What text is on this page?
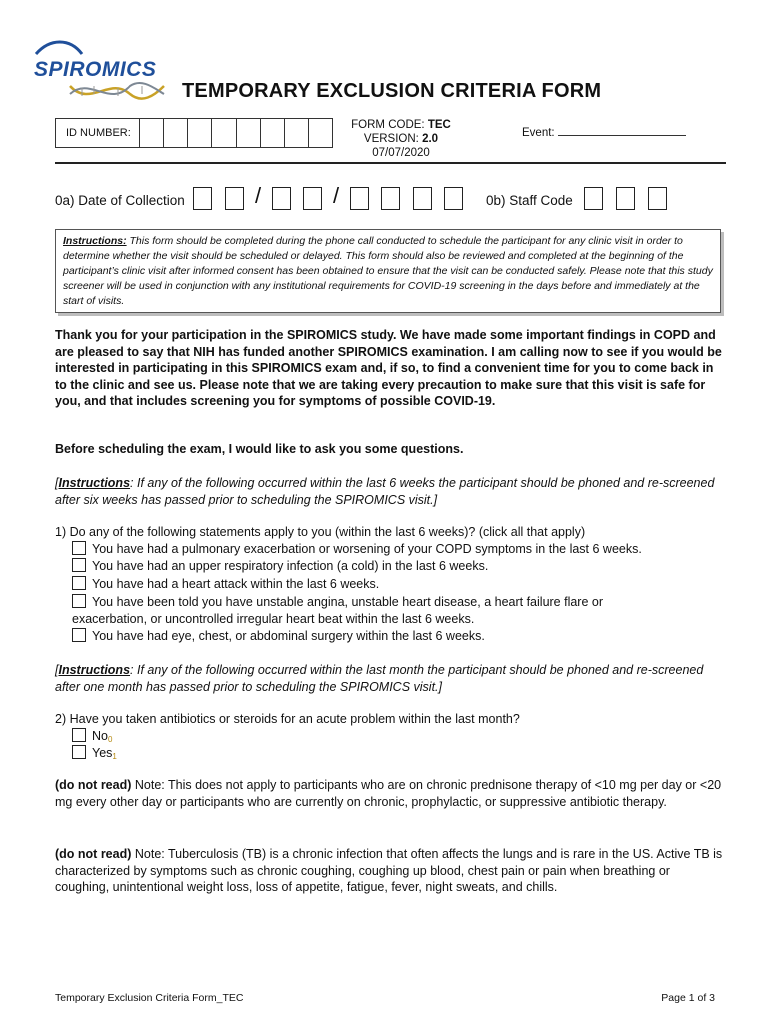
SPIROMICS
TEMPORARY EXCLUSION CRITERIA FORM
ID NUMBER:
FORM CODE: TEC
VERSION: 2.0 07/07/2020
Event:
0a) Date of Collection	/	/	0b) Staff Code
Instructions: This form should be completed during the phone call conducted to schedule the participant for any clinic visit in order to determine whether the visit should be scheduled or delayed. This form should also be reviewed and completed at the beginning of the participant’s clinic visit after informed consent has been obtained to ensure that the visit can be conducted safely. Please note that this study screener will be used in conjunction with any institutional requirements for COVID-19 screening in the days before and immediately at the start of visits.
Thank you for your participation in the SPIROMICS study. We have made some important findings in COPD and are pleased to say that NIH has funded another SPIROMICS examination. I am calling now to see if you would be interested in participating in this SPIROMICS exam and, if so, to find a convenient time for you to come back in to the clinic and see us. Please note that we are taking every precaution to make sure that this visit is safe for you, and that includes screening you for symptoms of possible COVID-19.
Before scheduling the exam, I would like to ask you some questions.
[Instructions: If any of the following occurred within the last 6 weeks the participant should be phoned and re-screened after six weeks has passed prior to scheduling the SPIROMICS visit.]
1) Do any of the following statements apply to you (within the last 6 weeks)? (click all that apply)
You have had a pulmonary exacerbation or worsening of your COPD symptoms in the last 6 weeks.
You have had an upper respiratory infection (a cold) in the last 6 weeks.
You have had a heart attack within the last 6 weeks.
You have been told you have unstable angina, unstable heart disease, a heart failure flare or
exacerbation, or uncontrolled irregular heart beat within the last 6 weeks.
You have had eye, chest, or abdominal surgery within the last 6 weeks.
[Instructions: If any of the following occurred within the last month the participant should be phoned and re-screened after one month has passed prior to scheduling the SPIROMICS visit.]
2) Have you taken antibiotics or steroids for an acute problem within the last month?
$No_0$
Yes$_1$
(do not read) Note: This does not apply to participants who are on chronic prednisone therapy of <10 mg per day or <20 mg every other day or participants who are currently on chronic, prophylactic, or suppressive antibiotic therapy.
(do not read) Note: Tuberculosis (TB) is a chronic infection that often affects the lungs and is rare in the US. Active TB is characterized by symptoms such as chronic coughing, coughing up blood, chest pain or pain when breathing or coughing, unintentional weight loss, loss of appetite, fatigue, fever, night sweats, and chills.
Temporary Exclusion Criteria Form_TEC	Page 1 of 3
